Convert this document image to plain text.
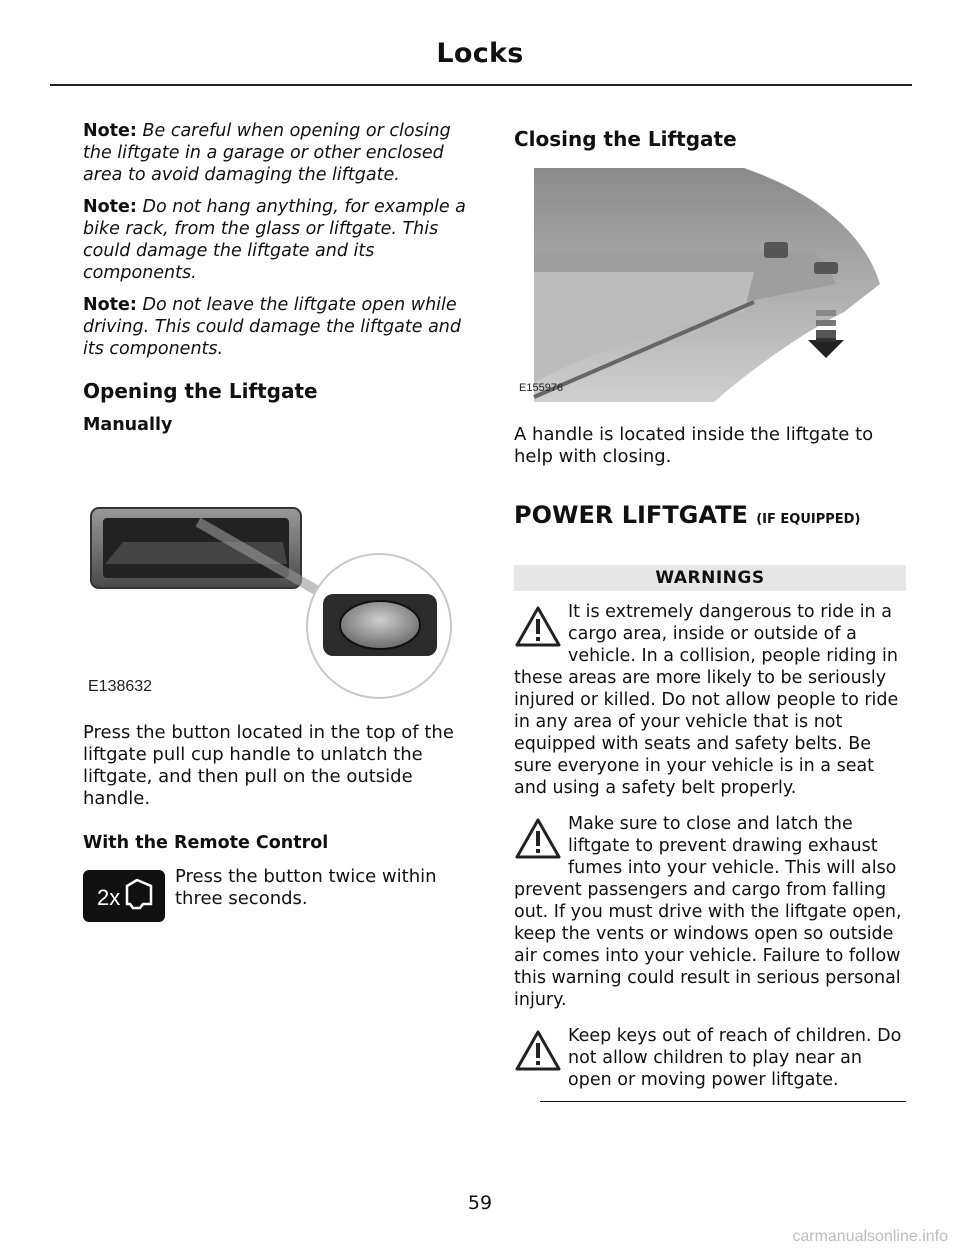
Locks

Note: Be careful when opening or closing the liftgate in a garage or other enclosed area to avoid damaging the liftgate.

Note: Do not hang anything, for example a bike rack, from the glass or liftgate. This could damage the liftgate and its components.

Note: Do not leave the liftgate open while driving. This could damage the liftgate and its components.

Opening the Liftgate
Manually
E138632

Press the button located in the top of the liftgate pull cup handle to unlatch the liftgate, and then pull on the outside handle.

With the Remote Control
2x

Press the button twice within three seconds.

Closing the Liftgate
E155976

A handle is located inside the liftgate to help with closing.

POWER LIFTGATE (IF EQUIPPED)
WARNINGS

It is extremely dangerous to ride in a cargo area, inside or outside of a vehicle. In a collision, people riding in these areas are more likely to be seriously injured or killed. Do not allow people to ride in any area of your vehicle that is not equipped with seats and safety belts. Be sure everyone in your vehicle is in a seat and using a safety belt properly.

Make sure to close and latch the liftgate to prevent drawing exhaust fumes into your vehicle. This will also prevent passengers and cargo from falling out. If you must drive with the liftgate open, keep the vents or windows open so outside air comes into your vehicle. Failure to follow this warning could result in serious personal injury.

Keep keys out of reach of children. Do not allow children to play near an open or moving power liftgate.

59
carmanualsonline.info
